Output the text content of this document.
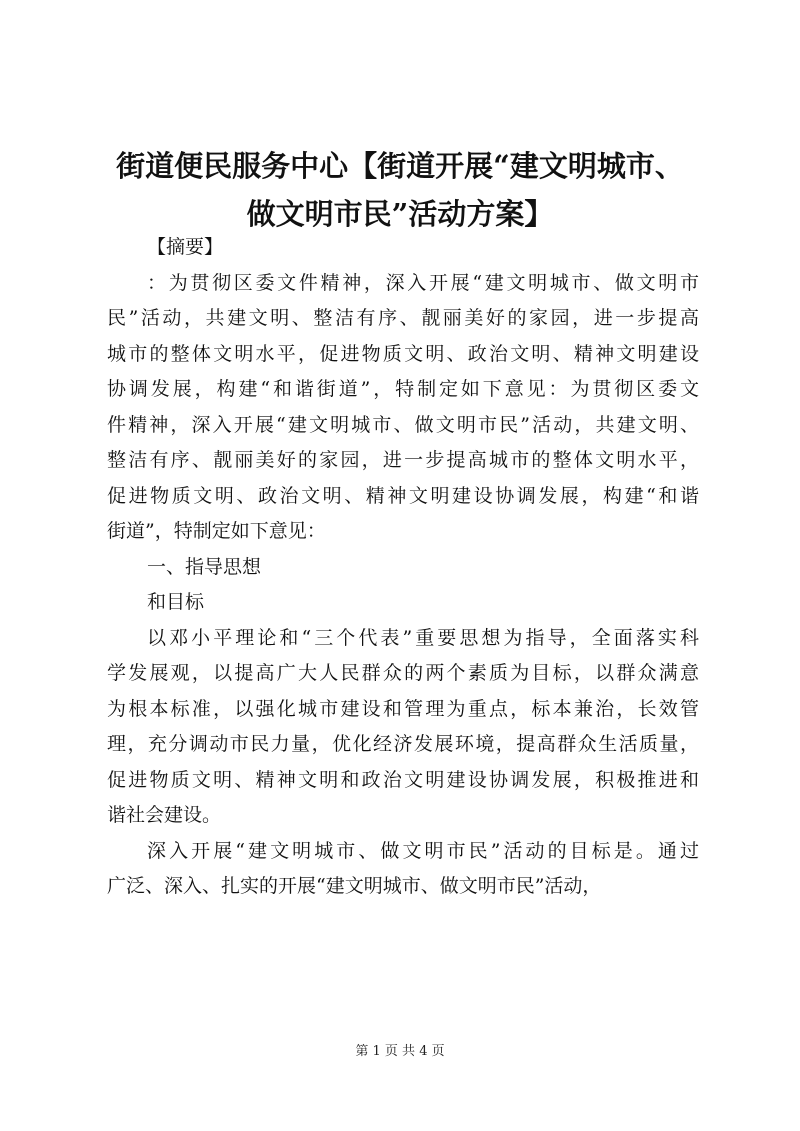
街道便民服务中心【街道开展“建文明城市、
做文明市民”活动方案】
【摘要】
：为贯彻区委文件精神，深入开展“建文明城市、做文明市
民”活动，共建文明、整洁有序、靓丽美好的家园，进一步提高
城市的整体文明水平，促进物质文明、政治文明、精神文明建设
协调发展，构建“和谐街道”，特制定如下意见：为贯彻区委文
件精神，深入开展“建文明城市、做文明市民”活动，共建文明、
整洁有序、靓丽美好的家园，进一步提高城市的整体文明水平，
促进物质文明、政治文明、精神文明建设协调发展，构建“和谐
街道”，特制定如下意见：
一、指导思想
和目标
以邓小平理论和“三个代表”重要思想为指导，全面落实科
学发展观，以提高广大人民群众的两个素质为目标，以群众满意
为根本标准，以强化城市建设和管理为重点，标本兼治，长效管
理，充分调动市民力量，优化经济发展环境，提高群众生活质量，
促进物质文明、精神文明和政治文明建设协调发展，积极推进和
谐社会建设。
深入开展“建文明城市、做文明市民”活动的目标是。通过
广泛、深入、扎实的开展“建文明城市、做文明市民”活动，
第 1 页 共 4 页
